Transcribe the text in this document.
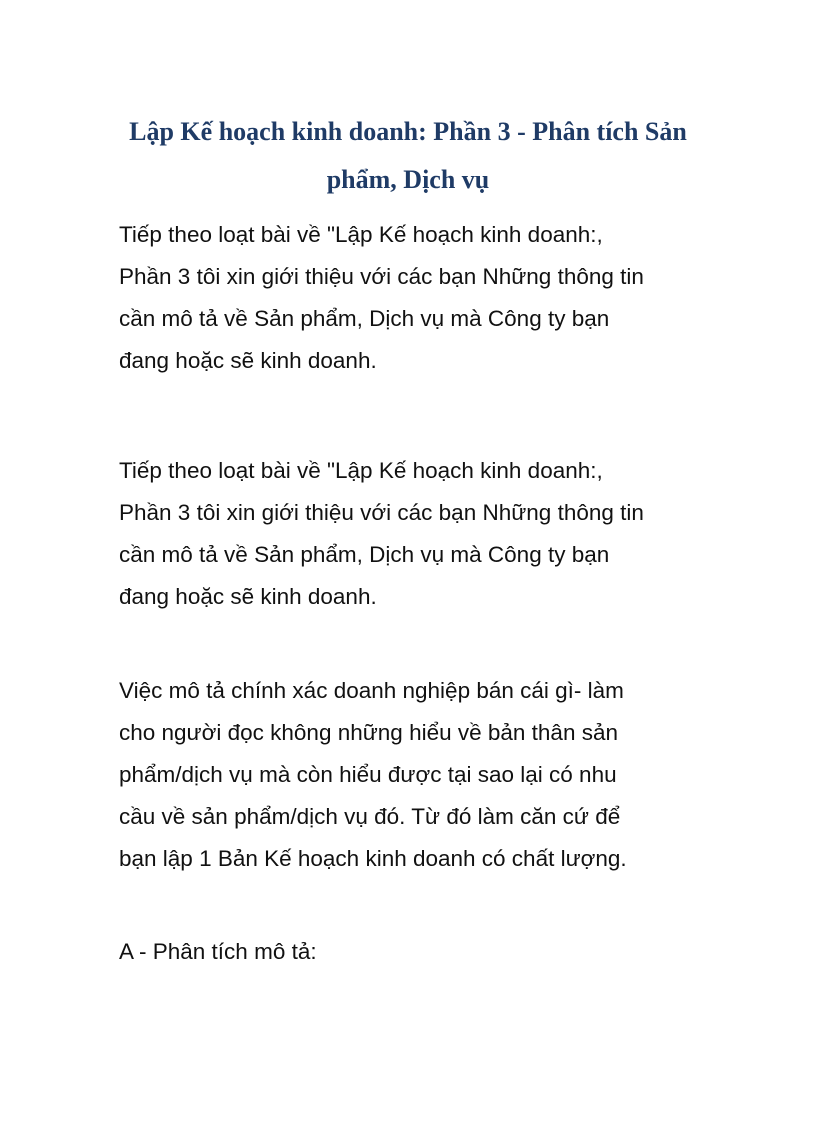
Lập Kế hoạch kinh doanh: Phần 3 - Phân tích Sản
phẩm, Dịch vụ

Tiếp theo loạt bài về "Lập Kế hoạch kinh doanh:,
Phần 3 tôi xin giới thiệu với các bạn Những thông tin
cần mô tả về Sản phẩm, Dịch vụ mà Công ty bạn
đang hoặc sẽ kinh doanh.

Tiếp theo loạt bài về "Lập Kế hoạch kinh doanh:,
Phần 3 tôi xin giới thiệu với các bạn Những thông tin
cần mô tả về Sản phẩm, Dịch vụ mà Công ty bạn
đang hoặc sẽ kinh doanh.

Việc mô tả chính xác doanh nghiệp bán cái gì- làm
cho người đọc không những hiểu về bản thân sản
phẩm/dịch vụ mà còn hiểu được tại sao lại có nhu
cầu về sản phẩm/dịch vụ đó. Từ đó làm căn cứ để
bạn lập 1 Bản Kế hoạch kinh doanh có chất lượng.

A - Phân tích mô tả:
